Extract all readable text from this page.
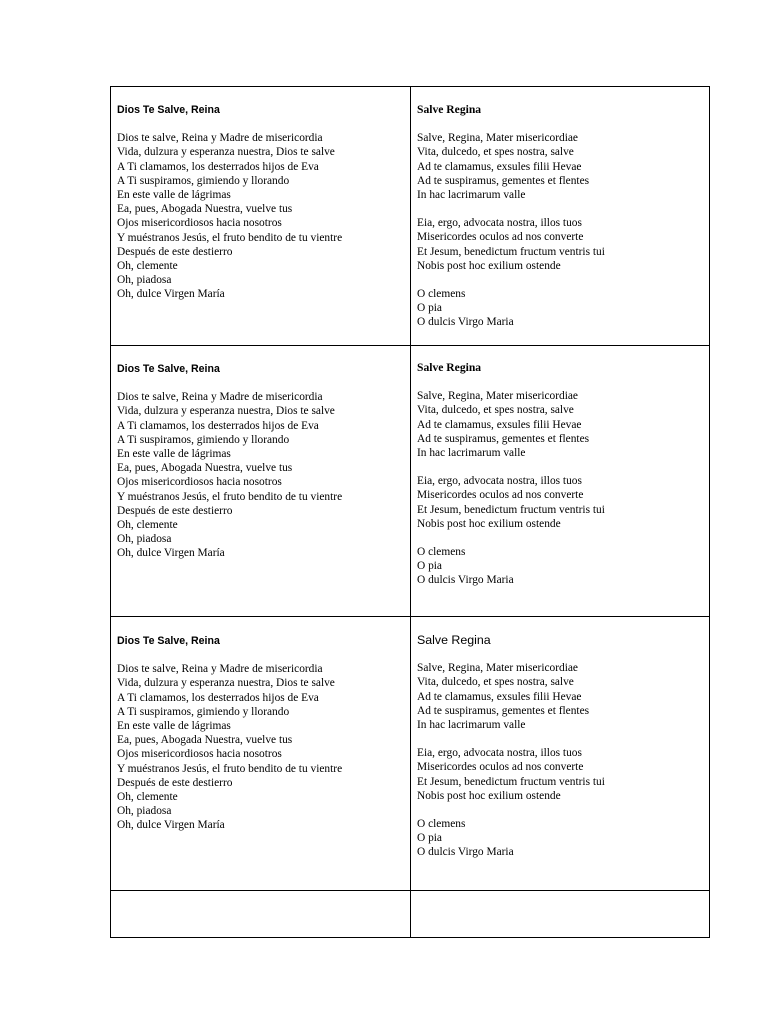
Dios Te Salve, Reina
Dios te salve, Reina y Madre de misericordia
Vida, dulzura y esperanza nuestra, Dios te salve
A Ti clamamos, los desterrados hijos de Eva
A Ti suspiramos, gimiendo y llorando
En este valle de lágrimas
Ea, pues, Abogada Nuestra, vuelve tus
Ojos misericordiosos hacia nosotros
Y muéstranos Jesús, el fruto bendito de tu vientre
Después de este destierro
Oh, clemente
Oh, piadosa
Oh, dulce Virgen María
Salve Regina
Salve, Regina, Mater misericordiae
Vita, dulcedo, et spes nostra, salve
Ad te clamamus, exsules filii Hevae
Ad te suspiramus, gementes et flentes
In hac lacrimarum valle
Eia, ergo, advocata nostra, illos tuos
Misericordes oculos ad nos converte
Et Jesum, benedictum fructum ventris tui
Nobis post hoc exilium ostende
O clemens
O pia
O dulcis Virgo Maria
Dios Te Salve, Reina
Dios te salve, Reina y Madre de misericordia
Vida, dulzura y esperanza nuestra, Dios te salve
A Ti clamamos, los desterrados hijos de Eva
A Ti suspiramos, gimiendo y llorando
En este valle de lágrimas
Ea, pues, Abogada Nuestra, vuelve tus
Ojos misericordiosos hacia nosotros
Y muéstranos Jesús, el fruto bendito de tu vientre
Después de este destierro
Oh, clemente
Oh, piadosa
Oh, dulce Virgen María
Salve Regina
Salve, Regina, Mater misericordiae
Vita, dulcedo, et spes nostra, salve
Ad te clamamus, exsules filii Hevae
Ad te suspiramus, gementes et flentes
In hac lacrimarum valle
Eia, ergo, advocata nostra, illos tuos
Misericordes oculos ad nos converte
Et Jesum, benedictum fructum ventris tui
Nobis post hoc exilium ostende
O clemens
O pia
O dulcis Virgo Maria
Dios Te Salve, Reina
Dios te salve, Reina y Madre de misericordia
Vida, dulzura y esperanza nuestra, Dios te salve
A Ti clamamos, los desterrados hijos de Eva
A Ti suspiramos, gimiendo y llorando
En este valle de lágrimas
Ea, pues, Abogada Nuestra, vuelve tus
Ojos misericordiosos hacia nosotros
Y muéstranos Jesús, el fruto bendito de tu vientre
Después de este destierro
Oh, clemente
Oh, piadosa
Oh, dulce Virgen María
Salve Regina
Salve, Regina, Mater misericordiae
Vita, dulcedo, et spes nostra, salve
Ad te clamamus, exsules filii Hevae
Ad te suspiramus, gementes et flentes
In hac lacrimarum valle
Eia, ergo, advocata nostra, illos tuos
Misericordes oculos ad nos converte
Et Jesum, benedictum fructum ventris tui
Nobis post hoc exilium ostende
O clemens
O pia
O dulcis Virgo Maria
